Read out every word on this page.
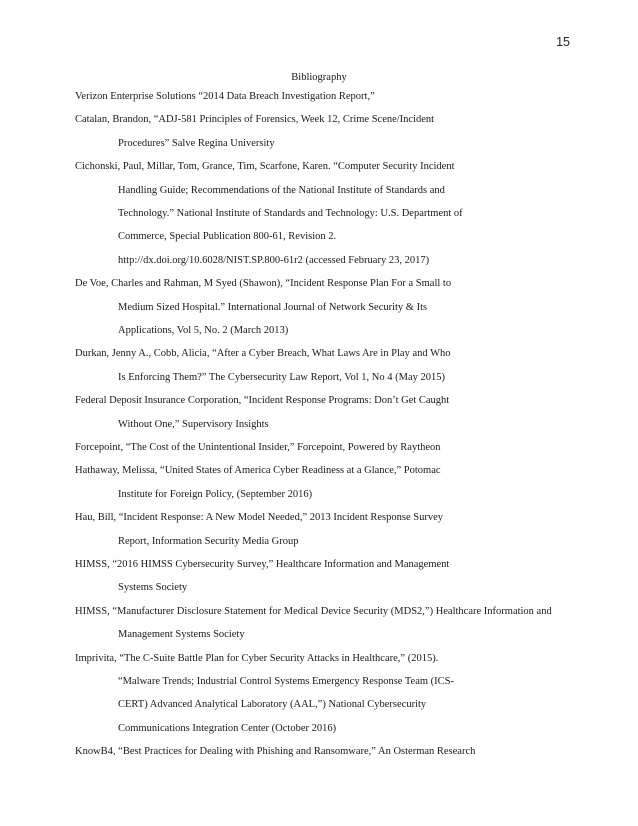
15
Bibliography
Verizon Enterprise Solutions “2014 Data Breach Investigation Report,”
Catalan, Brandon, “ADJ-581 Principles of Forensics, Week 12, Crime Scene/Incident
Procedures” Salve Regina University
Cichonski, Paul, Millar, Tom, Grance, Tim, Scarfone, Karen. “Computer Security Incident
Handling Guide; Recommendations of the National Institute of Standards and
Technology.” National Institute of Standards and Technology: U.S. Department of
Commerce, Special Publication 800-61, Revision 2.
http://dx.doi.org/10.6028/NIST.SP.800-61r2 (accessed February 23, 2017)
De Voe, Charles and Rahman, M Syed (Shawon), “Incident Response Plan For a Small to
Medium Sized Hospital.” International Journal of Network Security & Its
Applications, Vol 5, No. 2 (March 2013)
Durkan, Jenny A., Cobb, Alicia, “After a Cyber Breach, What Laws Are in Play and Who
Is Enforcing Them?” The Cybersecurity Law Report, Vol 1, No 4 (May 2015)
Federal Deposit Insurance Corporation, “Incident Response Programs: Don’t Get Caught
Without One,” Supervisory Insights
Forcepoint, “The Cost of the Unintentional Insider,” Forcepoint, Powered by Raytheon
Hathaway, Melissa, “United States of America Cyber Readiness at a Glance,” Potomac
Institute for Foreign Policy, (September 2016)
Hau, Bill, “Incident Response: A New Model Needed,” 2013 Incident Response Survey
Report, Information Security Media Group
HIMSS, “2016 HIMSS Cybersecurity Survey,” Healthcare Information and Management
Systems Society
HIMSS, “Manufacturer Disclosure Statement for Medical Device Security (MDS2,”) Healthcare Information and
Management Systems Society
Imprivita, “The C-Suite Battle Plan for Cyber Security Attacks in Healthcare,” (2015).
“Malware Trends; Industrial Control Systems Emergency Response Team (ICS-
CERT) Advanced Analytical Laboratory (AAL,”) National Cybersecurity
Communications Integration Center (October 2016)
KnowB4, “Best Practices for Dealing with Phishing and Ransomware,” An Osterman Research
